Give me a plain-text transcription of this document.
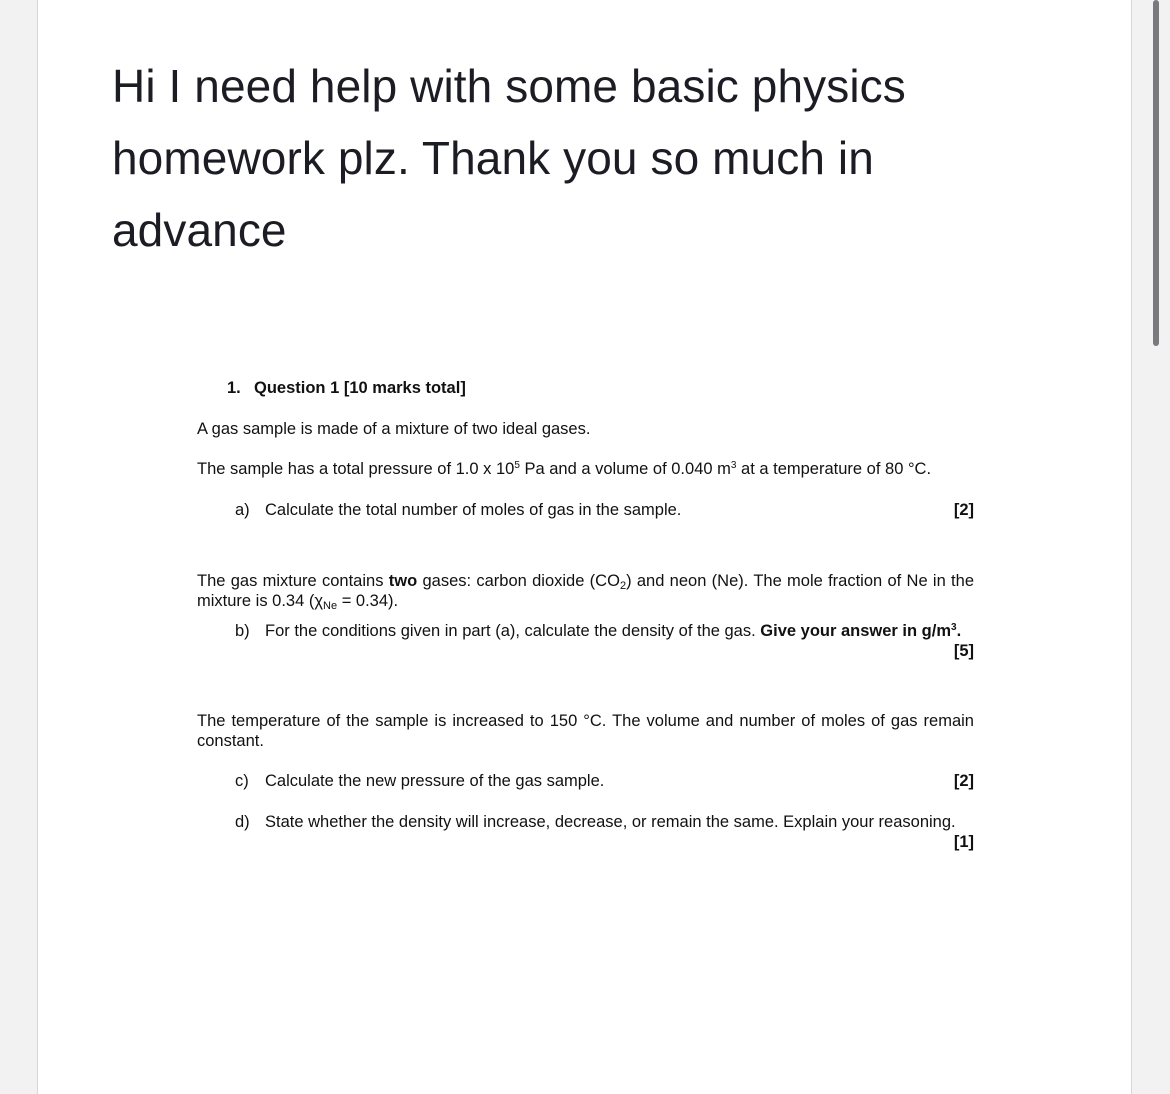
Hi I need help with some basic physics homework plz. Thank you so much in advance

1. Question 1 [10 marks total]
A gas sample is made of a mixture of two ideal gases.
The sample has a total pressure of 1.0 x $10^5$ Pa and a volume of 0.040 $m^3$ at a temperature of 80 °C.
a) Calculate the total number of moles of gas in the sample.	[2]
The gas mixture contains two gases: carbon dioxide $(CO_2)$ and neon (Ne). The mole fraction of Ne in the mixture is 0.34 (χNe = 0.34).
b) For the conditions given in part (a), calculate the density of the gas. Give your answer in $g/m^3$.
[5]
The temperature of the sample is increased to 150 °C. The volume and number of moles of gas remain constant.
c) Calculate the new pressure of the gas sample.	[2]
d) State whether the density will increase, decrease, or remain the same. Explain your reasoning.
[1]
